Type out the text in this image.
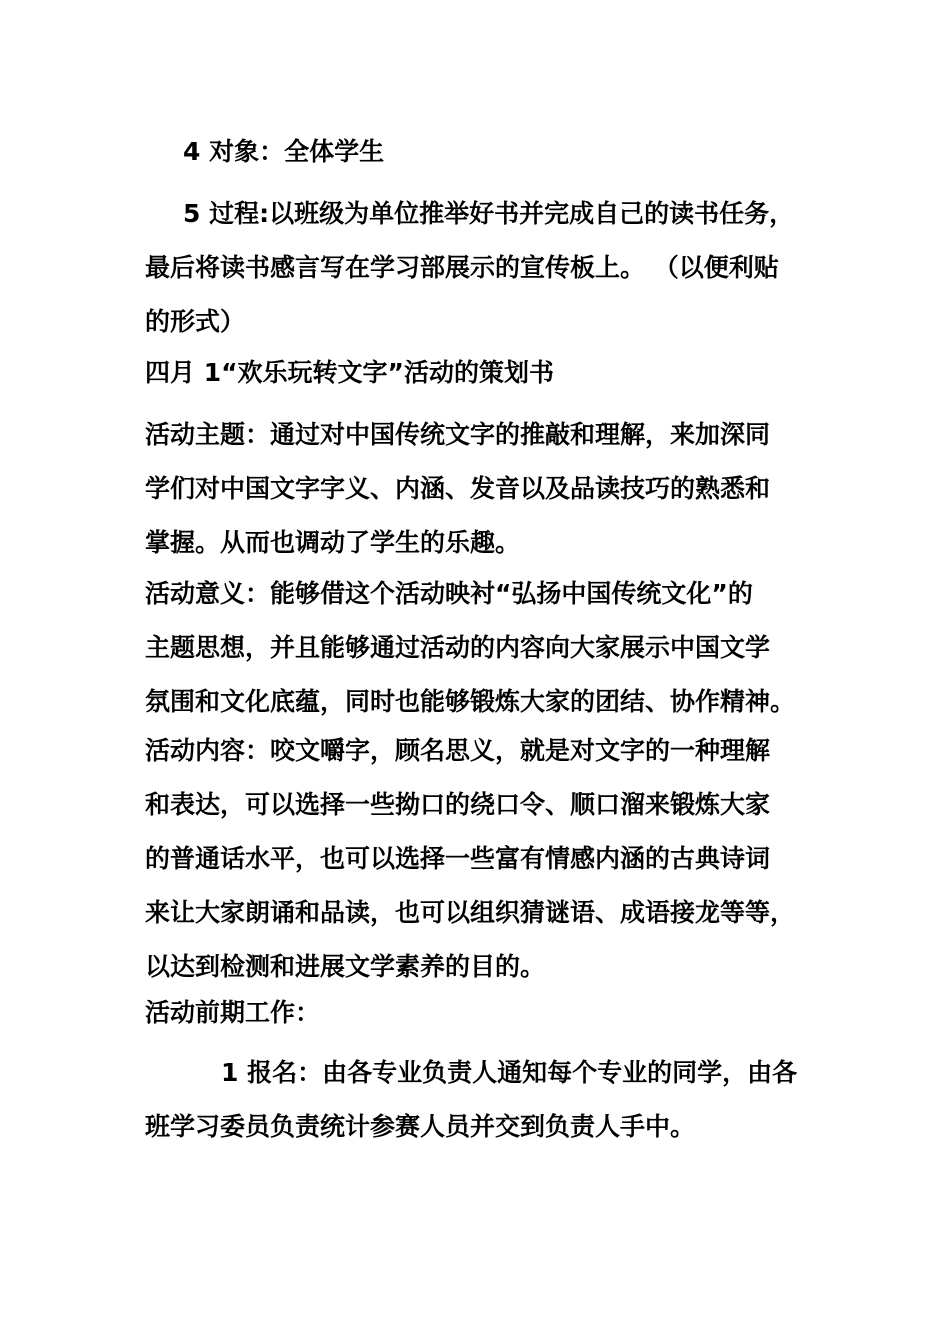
4 对象：全体学生
5 过程:以班级为单位推举好书并完成自己的读书任务，
最后将读书感言写在学习部展示的宣传板上。 （以便利贴
的形式）
四月 1“欢乐玩转文字”活动的策划书
活动主题：通过对中国传统文字的推敲和理解，来加深同
学们对中国文字字义、内涵、发音以及品读技巧的熟悉和
掌握。从而也调动了学生的乐趣。
活动意义：能够借这个活动映衬“弘扬中国传统文化”的
主题思想，并且能够通过活动的内容向大家展示中国文学
氛围和文化底蕴，同时也能够锻炼大家的团结、协作精神。
活动内容：咬文嚼字，顾名思义，就是对文字的一种理解
和表达，可以选择一些拗口的绕口令、顺口溜来锻炼大家
的普通话水平，也可以选择一些富有情感内涵的古典诗词
来让大家朗诵和品读，也可以组织猜谜语、成语接龙等等，
以达到检测和进展文学素养的目的。
活动前期工作：
1 报名：由各专业负责人通知每个专业的同学，由各
班学习委员负责统计参赛人员并交到负责人手中。
